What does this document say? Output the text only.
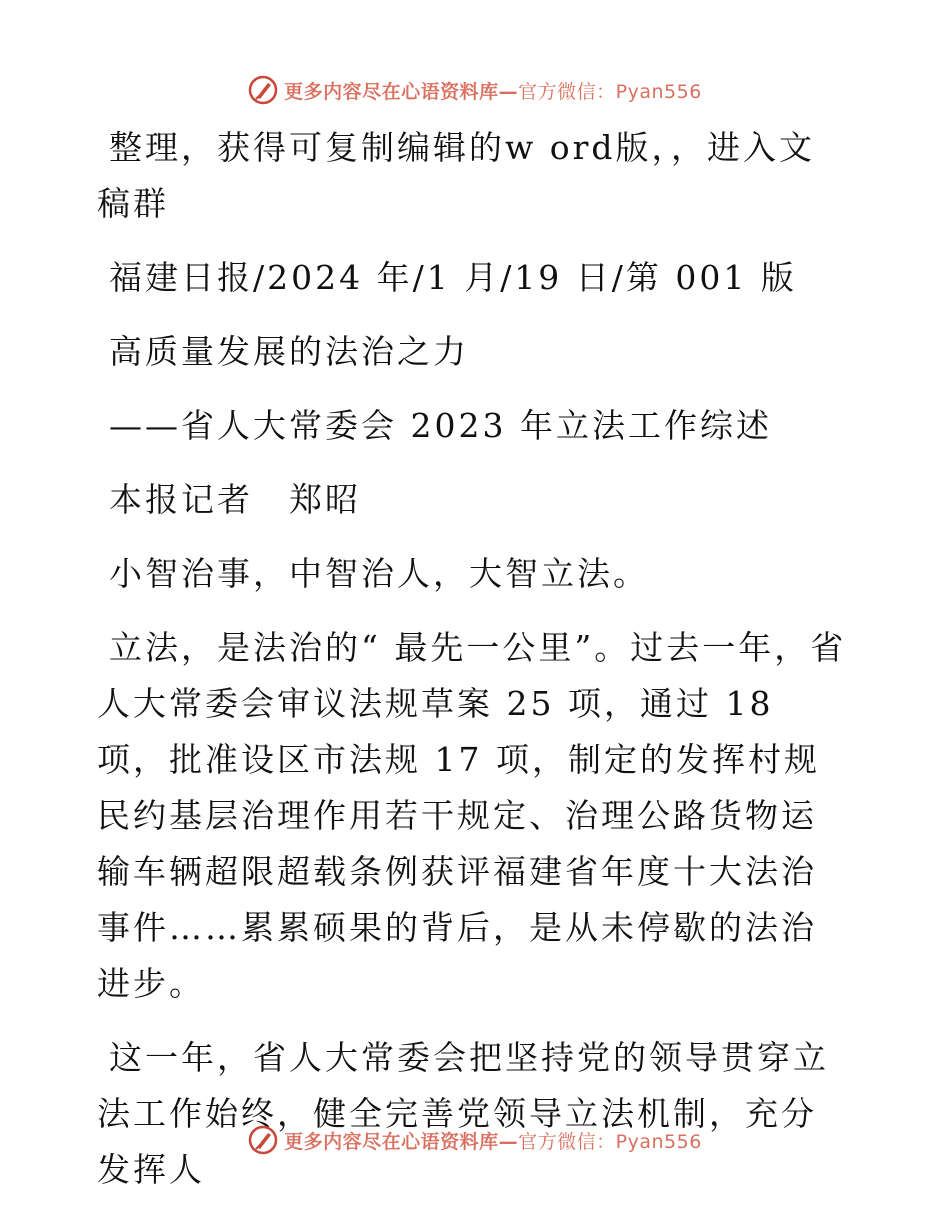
更多内容尽在心语资料库—官方微信：Pyan556

整理，获得可复制编辑的w ord版，，进入文稿群

福建日报/2024 年/1 月/19 日/第 001 版

高质量发展的法治之力

——省人大常委会 2023 年立法工作综述

本报记者　郑昭

小智治事，中智治人，大智立法。

立法，是法治的“ 最先一公里”。过去一年，省人大常委会审议法规草案 25 项，通过 18 项，批准设区市法规 17 项，制定的发挥村规民约基层治理作用若干规定、治理公路货物运输车辆超限超载条例获评福建省年度十大法治事件……累累硕果的背后，是从未停歇的法治进步。

这一年，省人大常委会把坚持党的领导贯穿立法工作始终，健全完善党领导立法机制，充分发挥人

更多内容尽在心语资料库—官方微信：Pyan556
